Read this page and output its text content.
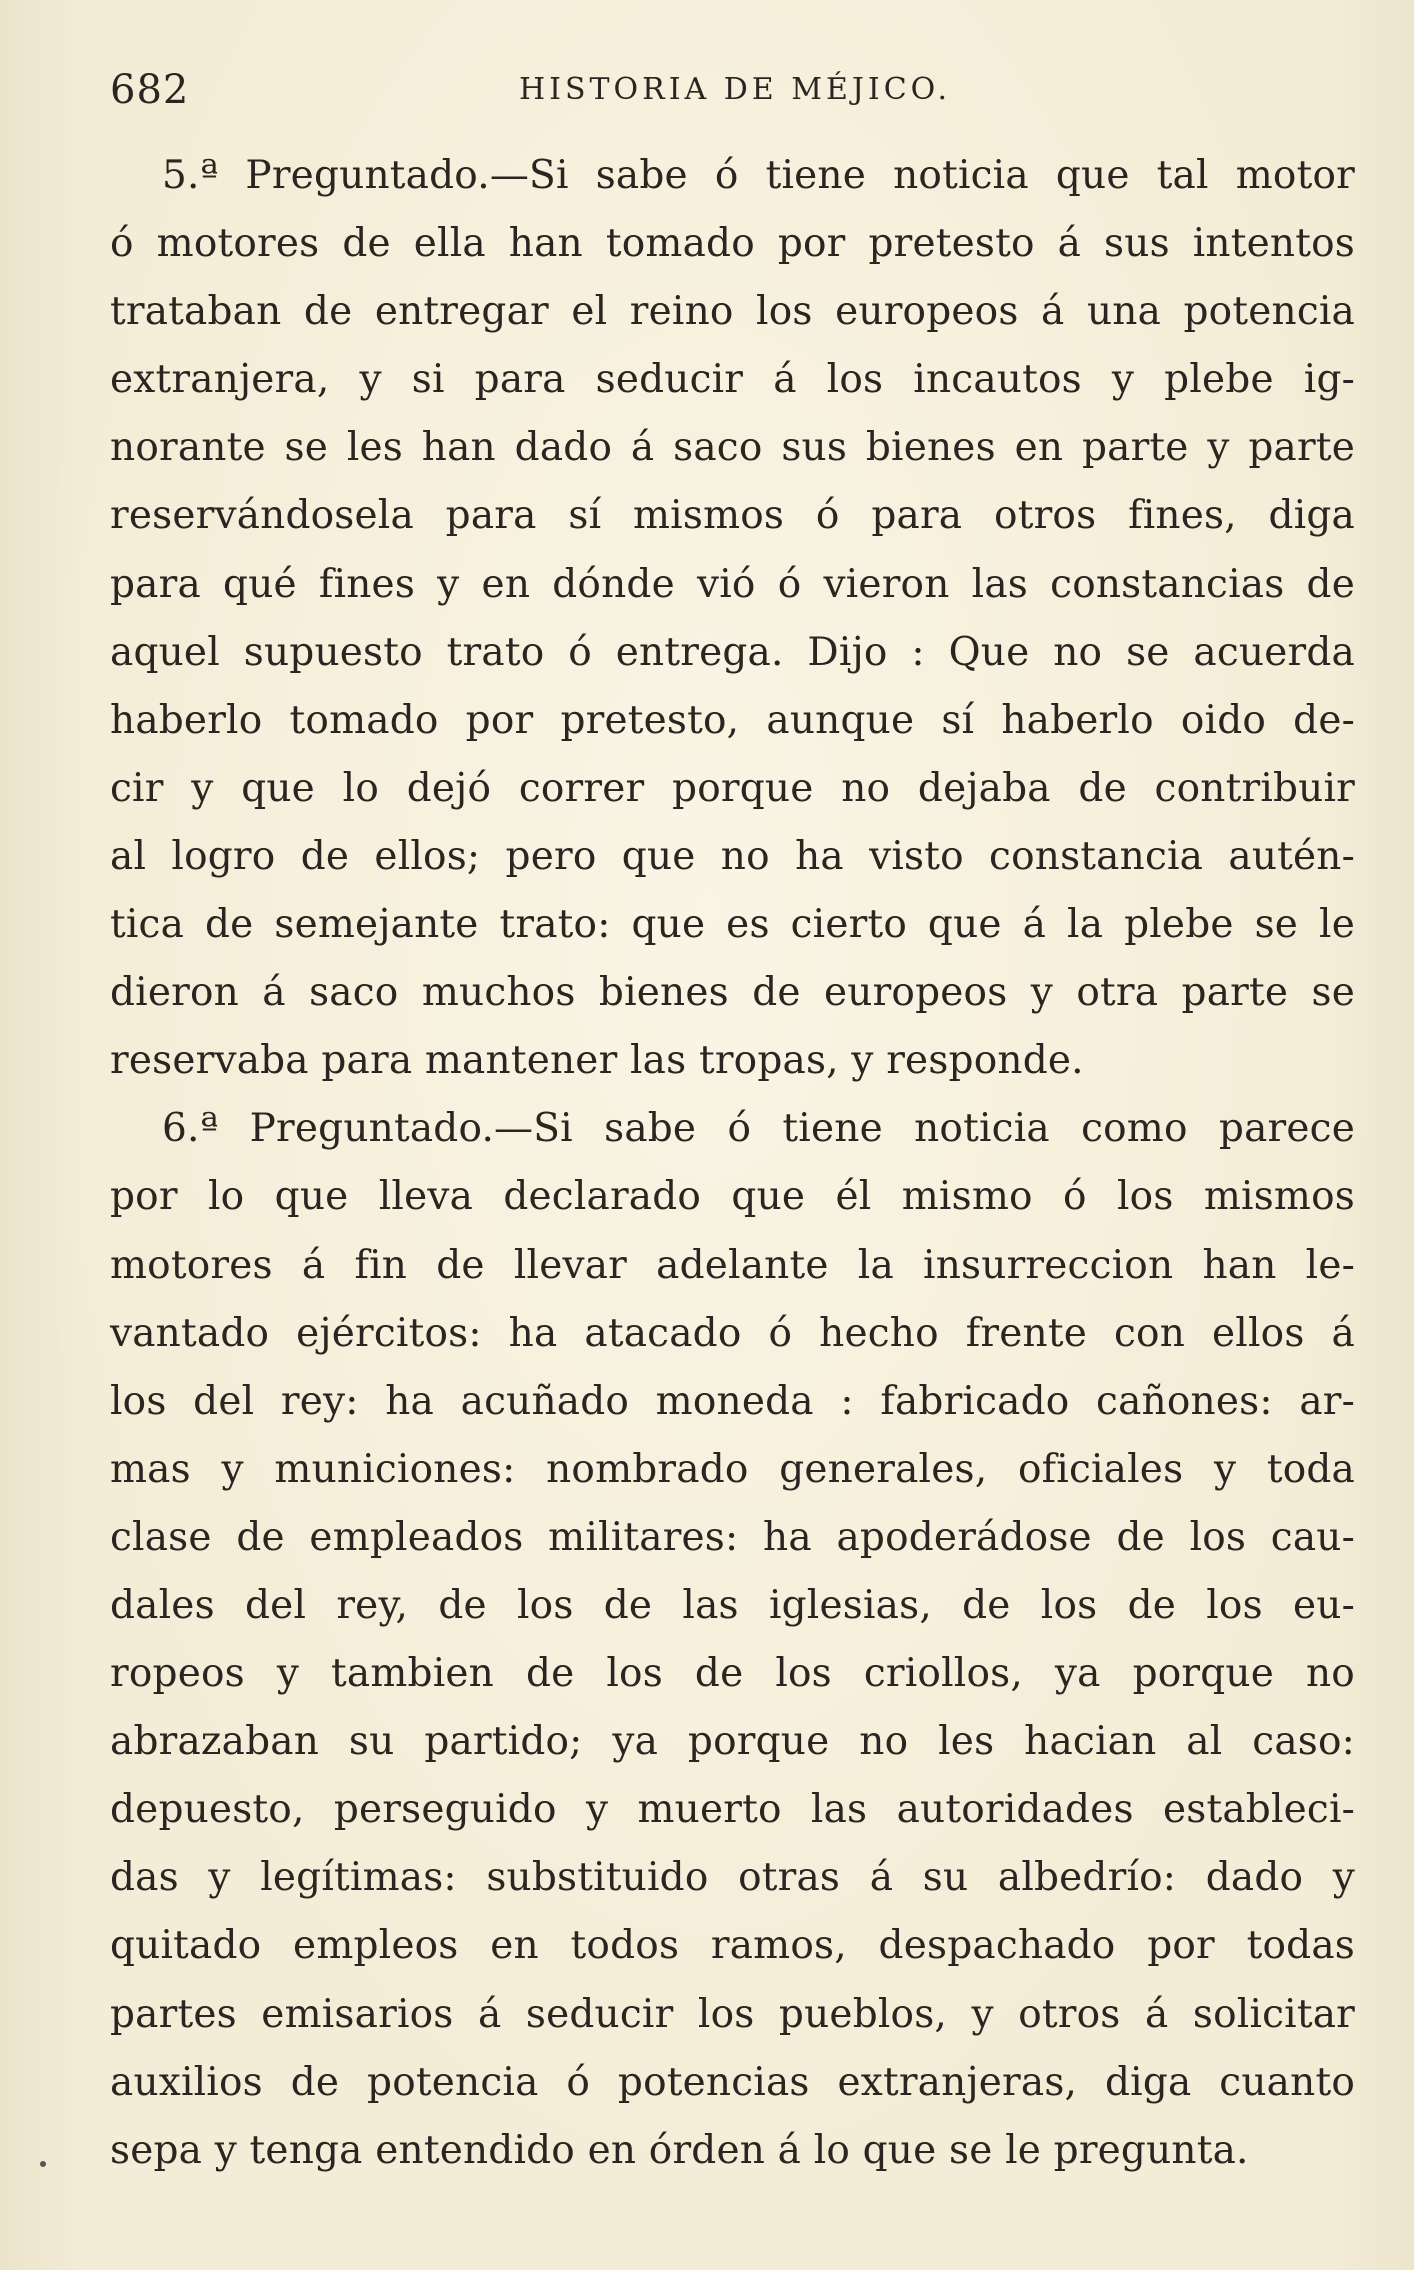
682	HISTORIA DE MÉJICO.
5.ª Preguntado.—Si sabe ó tiene noticia que tal motor
ó motores de ella han tomado por pretesto á sus intentos
trataban de entregar el reino los europeos á una potencia
extranjera, y si para seducir á los incautos y plebe ig-
norante se les han dado á saco sus bienes en parte y parte
reservándosela para sí mismos ó para otros fines, diga
para qué fines y en dónde vió ó vieron las constancias de
aquel supuesto trato ó entrega. Dijo : Que no se acuerda
haberlo tomado por pretesto, aunque sí haberlo oido de-
cir y que lo dejó correr porque no dejaba de contribuir
al logro de ellos; pero que no ha visto constancia autén-
tica de semejante trato: que es cierto que á la plebe se le
dieron á saco muchos bienes de europeos y otra parte se
reservaba para mantener las tropas, y responde.
6.ª Preguntado.—Si sabe ó tiene noticia como parece
por lo que lleva declarado que él mismo ó los mismos
motores á fin de llevar adelante la insurreccion han le-
vantado ejércitos: ha atacado ó hecho frente con ellos á
los del rey: ha acuñado moneda : fabricado cañones: ar-
mas y municiones: nombrado generales, oficiales y toda
clase de empleados militares: ha apoderádose de los cau-
dales del rey, de los de las iglesias, de los de los eu-
ropeos y tambien de los de los criollos, ya porque no
abrazaban su partido; ya porque no les hacian al caso:
depuesto, perseguido y muerto las autoridades estableci-
das y legítimas: substituido otras á su albedrío: dado y
quitado empleos en todos ramos, despachado por todas
partes emisarios á seducir los pueblos, y otros á solicitar
auxilios de potencia ó potencias extranjeras, diga cuanto
sepa y tenga entendido en órden á lo que se le pregunta.
